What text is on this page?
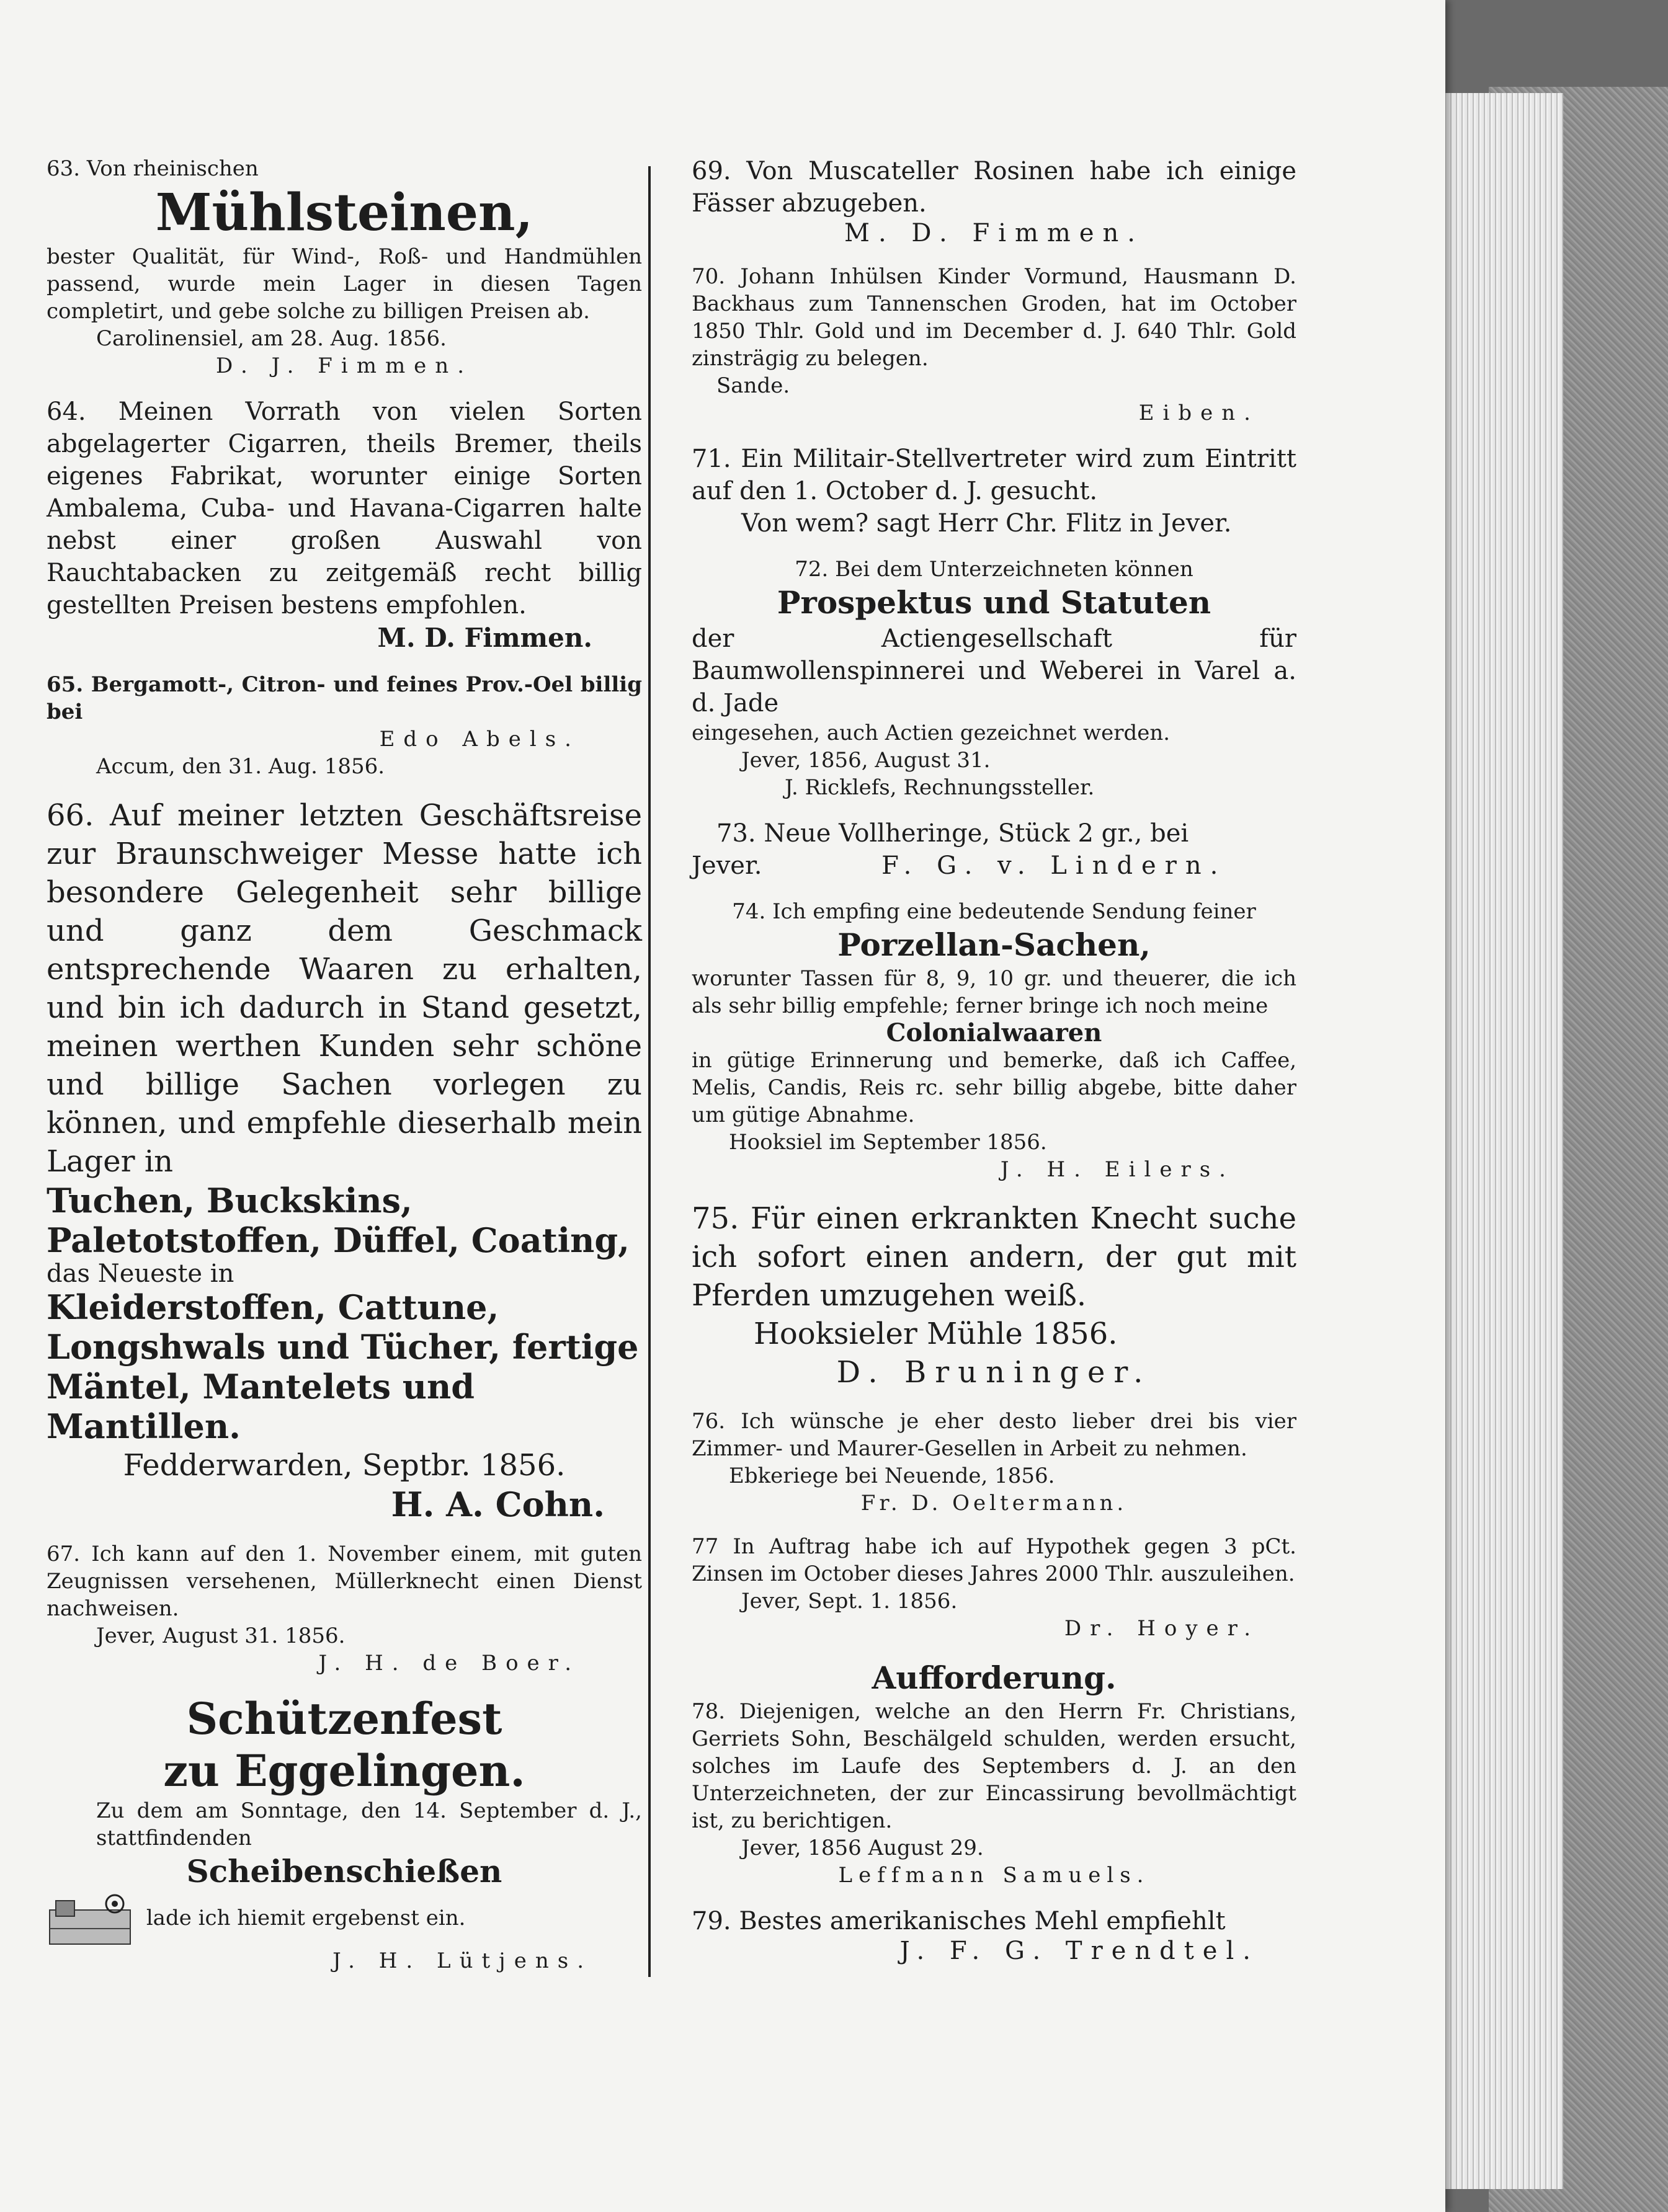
63. Von rheinischen

Mühlsteinen,

bester Qualität, für Wind-, Roß- und Handmühlen passend, wurde mein Lager in diesen Tagen completirt, und gebe solche zu billigen Preisen ab.

Carolinensiel, am 28. Aug. 1856.

D. J. Fimmen.

64. Meinen Vorrath von vielen Sorten abgelagerter Cigarren, theils Bremer, theils eigenes Fabrikat, worunter einige Sorten Ambalema, Cuba- und Havana-Cigarren halte nebst einer großen Auswahl von Rauchtabacken zu zeitgemäß recht billig gestellten Preisen bestens empfohlen.

M. D. Fimmen.

65. Bergamott-, Citron- und feines Prov.-Oel billig bei

Edo Abels.

Accum, den 31. Aug. 1856.

66. Auf meiner letzten Geschäftsreise zur Braunschweiger Messe hatte ich besondere Gelegenheit sehr billige und ganz dem Geschmack entsprechende Waaren zu erhalten, und bin ich dadurch in Stand gesetzt, meinen werthen Kunden sehr schöne und billige Sachen vorlegen zu können, und empfehle dieserhalb mein Lager in

Tuchen, Buckskins, Paletotstoffen, Düffel, Coating,

das Neueste in

Kleiderstoffen, Cattune, Longshwals und Tücher, fertige Mäntel, Mantelets und Mantillen.

Fedderwarden, Septbr. 1856.

H. A. Cohn.

67. Ich kann auf den 1. November einem, mit guten Zeugnissen versehenen, Müllerknecht einen Dienst nachweisen.

Jever, August 31. 1856.

J. H. de Boer.

Schützenfest

zu Eggelingen.

Zu dem am Sonntage, den 14. September d. J., stattfindenden

Scheibenschießen

lade ich hiemit ergebenst ein.

J. H. Lütjens.

69. Von Muscateller Rosinen habe ich einige Fässer abzugeben.

M. D. Fimmen.

70. Johann Inhülsen Kinder Vormund, Hausmann D. Backhaus zum Tannenschen Groden, hat im October 1850 Thlr. Gold und im December d. J. 640 Thlr. Gold zinsträgig zu belegen.

Sande.

Eiben.

71. Ein Militair-Stellvertreter wird zum Eintritt auf den 1. October d. J. gesucht.

Von wem? sagt Herr Chr. Flitz in Jever.

72. Bei dem Unterzeichneten können

Prospektus und Statuten

der Actiengesellschaft für Baumwollenspinnerei und Weberei in Varel a. d. Jade

eingesehen, auch Actien gezeichnet werden.

Jever, 1856, August 31.

J. Ricklefs, Rechnungssteller.

73. Neue Vollheringe, Stück 2 gr., bei

Jever.	F. G. v. Lindern.

74. Ich empfing eine bedeutende Sendung feiner

Porzellan-Sachen,

worunter Tassen für 8, 9, 10 gr. und theuerer, die ich als sehr billig empfehle; ferner bringe ich noch meine

Colonialwaaren

in gütige Erinnerung und bemerke, daß ich Caffee, Melis, Candis, Reis rc. sehr billig abgebe, bitte daher um gütige Abnahme.

Hooksiel im September 1856.

J. H. Eilers.

75. Für einen erkrankten Knecht suche ich sofort einen andern, der gut mit Pferden umzugehen weiß.

Hooksieler Mühle 1856.

D. Bruninger.

76. Ich wünsche je eher desto lieber drei bis vier Zimmer- und Maurer-Gesellen in Arbeit zu nehmen.

Ebkeriege bei Neuende, 1856.

Fr. D. Oeltermann.

77 In Auftrag habe ich auf Hypothek gegen 3 pCt. Zinsen im October dieses Jahres 2000 Thlr. auszuleihen.

Jever, Sept. 1. 1856.

Dr. Hoyer.

Aufforderung.

78. Diejenigen, welche an den Herrn Fr. Christians, Gerriets Sohn, Beschälgeld schulden, werden ersucht, solches im Laufe des Septembers d. J. an den Unterzeichneten, der zur Eincassirung bevollmächtigt ist, zu berichtigen.

Jever, 1856 August 29.

Leffmann Samuels.

79. Bestes amerikanisches Mehl empfiehlt

J. F. G. Trendtel.
